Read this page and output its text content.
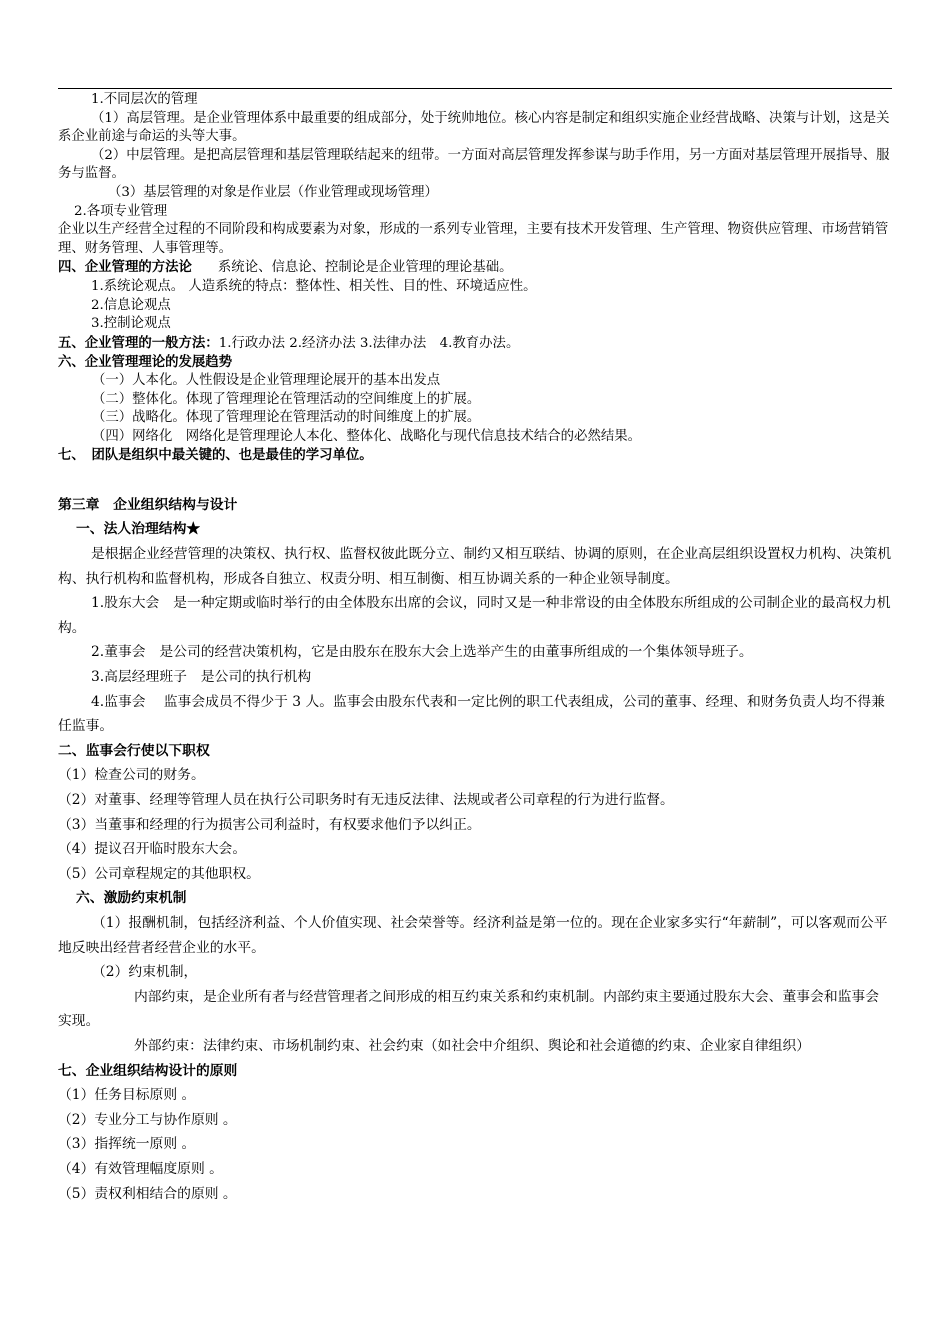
1.不同层次的管理
（1）高层管理。是企业管理体系中最重要的组成部分，处于统帅地位。核心内容是制定和组织实施企业经营战略、决策与计划，这是关系企业前途与命运的头等大事。
（2）中层管理。是把高层管理和基层管理联结起来的纽带。一方面对高层管理发挥参谋与助手作用，另一方面对基层管理开展指导、服务与监督。
（3）基层管理的对象是作业层（作业管理或现场管理）
2.各项专业管理
企业以生产经营全过程的不同阶段和构成要素为对象，形成的一系列专业管理，主要有技术开发管理、生产管理、物资供应管理、市场营销管理、财务管理、人事管理等。
四、企业管理的方法论 系统论、信息论、控制论是企业管理的理论基础。
1.系统论观点。 人造系统的特点：整体性、相关性、目的性、环境适应性。
2.信息论观点
3.控制论观点
五、企业管理的一般方法：1.行政办法 2.经济办法 3.法律办法　4.教育办法。
六、企业管理理论的发展趋势
（一）人本化。人性假设是企业管理理论展开的基本出发点
（二）整体化。体现了管理理论在管理活动的空间维度上的扩展。
（三）战略化。体现了管理理论在管理活动的时间维度上的扩展。
（四）网络化　网络化是管理理论人本化、整体化、战略化与现代信息技术结合的必然结果。
七、　团队是组织中最关键的、也是最佳的学习单位。
第三章　企业组织结构与设计
一、法人治理结构★
是根据企业经营管理的决策权、执行权、监督权彼此既分立、制约又相互联结、协调的原则，在企业高层组织设置权力机构、决策机构、执行机构和监督机构，形成各自独立、权责分明、相互制衡、相互协调关系的一种企业领导制度。
1.股东大会　是一种定期或临时举行的由全体股东出席的会议，同时又是一种非常设的由全体股东所组成的公司制企业的最高权力机构。
2.董事会　是公司的经营决策机构，它是由股东在股东大会上选举产生的由董事所组成的一个集体领导班子。
3.高层经理班子　是公司的执行机构
4.监事会　 监事会成员不得少于 3 人。监事会由股东代表和一定比例的职工代表组成，公司的董事、经理、和财务负责人均不得兼任监事。
二、监事会行使以下职权
（1）检查公司的财务。
（2）对董事、经理等管理人员在执行公司职务时有无违反法律、法规或者公司章程的行为进行监督。
（3）当董事和经理的行为损害公司利益时，有权要求他们予以纠正。
（4）提议召开临时股东大会。
（5）公司章程规定的其他职权。
六、激励约束机制
（1）报酬机制，包括经济利益、个人价值实现、社会荣誉等。经济利益是第一位的。现在企业家多实行“年薪制”，可以客观而公平地反映出经营者经营企业的水平。
（2）约束机制，
内部约束，是企业所有者与经营管理者之间形成的相互约束关系和约束机制。内部约束主要通过股东大会、董事会和监事会实现。
外部约束：法律约束、市场机制约束、社会约束（如社会中介组织、舆论和社会道德的约束、企业家自律组织）
七、企业组织结构设计的原则
（1）任务目标原则 。
（2）专业分工与协作原则 。
（3）指挥统一原则 。
（4）有效管理幅度原则 。
（5）责权利相结合的原则 。
